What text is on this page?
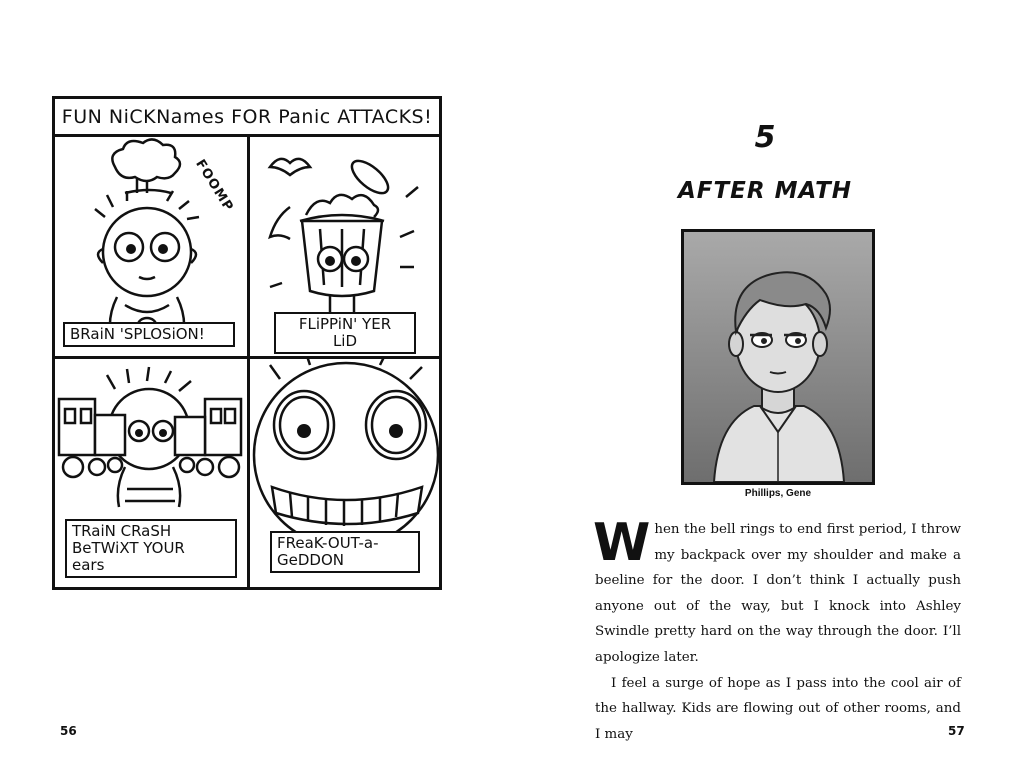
FUN NiCKNames FOR Panic ATTACKS!
FOOMP
BRaiN 'SPLOSiON!
FLiPPiN' YER
LiD
TRaiN CRaSH
BeTWiXT YOUR
ears
FReaK-OUT-a-
GeDDON
56
5
AFTER MATH
Phillips, Gene

When the bell rings to end first period, I throw my backpack over my shoulder and make a beeline for the door. I don’t think I actually push anyone out of the way, but I knock into Ashley Swindle pretty hard on the way through the door. I’ll apologize later.

I feel a surge of hope as I pass into the cool air of the hallway. Kids are flowing out of other rooms, and I may	57
